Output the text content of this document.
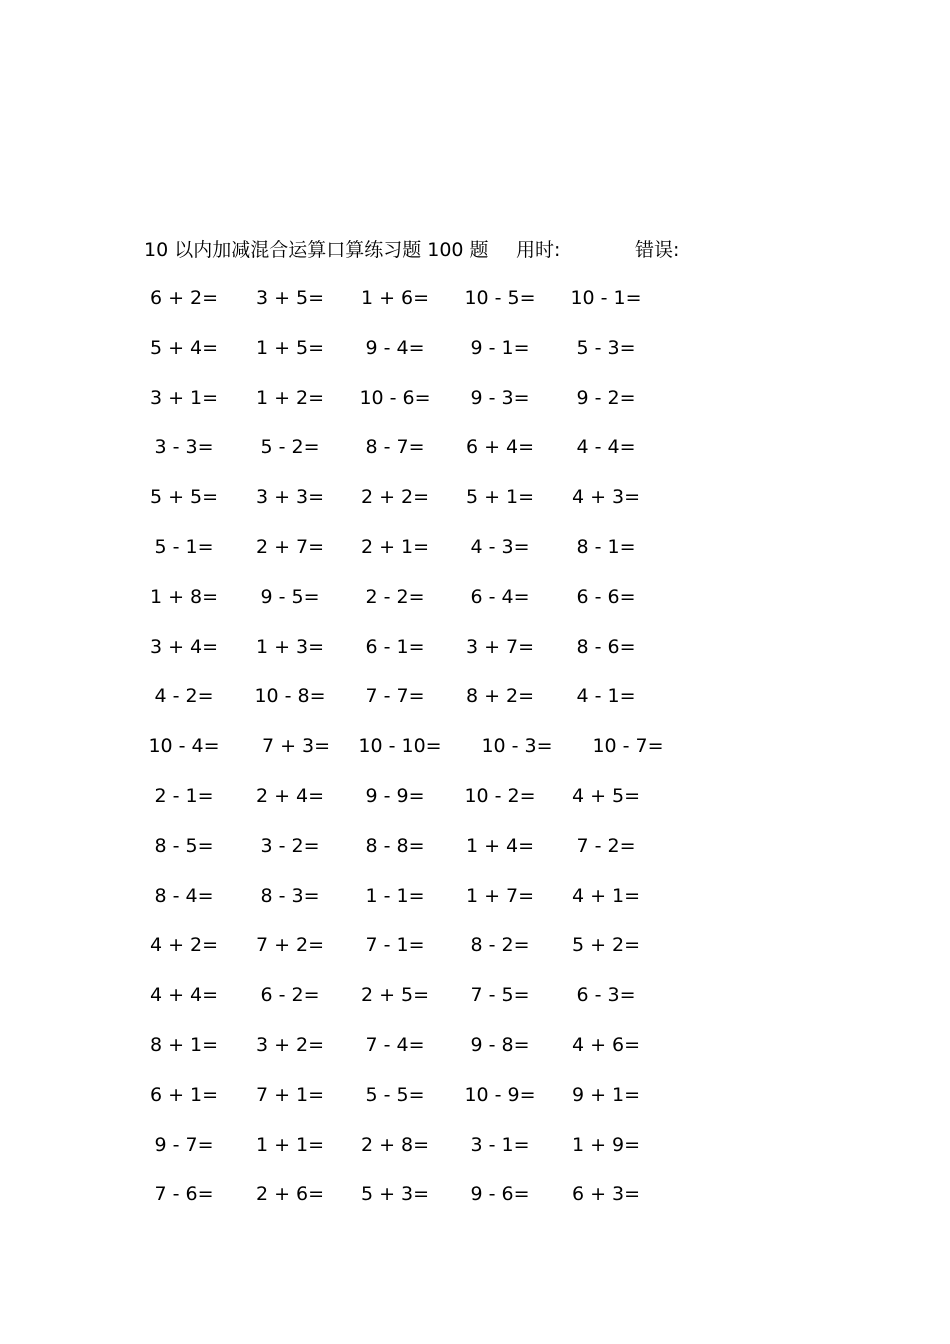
10 以内加减混合运算口算练习题 100 题 用时:	错误:
6 + 2=	3 + 5=	1 + 6=	10 - 5=	10 - 1=
5 + 4=	1 + 5=	9 - 4=	9 - 1=	5 - 3=
3 + 1=	1 + 2=	10 - 6=	9 - 3=	9 - 2=
3 - 3=	5 - 2=	8 - 7=	6 + 4=	4 - 4=
5 + 5=	3 + 3=	2 + 2=	5 + 1=	4 + 3=
5 - 1=	2 + 7=	2 + 1=	4 - 3=	8 - 1=
1 + 8=	9 - 5=	2 - 2=	6 - 4=	6 - 6=
3 + 4=	1 + 3=	6 - 1=	3 + 7=	8 - 6=
4 - 2=	10 - 8=	7 - 7=	8 + 2=	4 - 1=
10 - 4=	7 + 3=	10 - 10=	10 - 3=	10 - 7=
2 - 1=	2 + 4=	9 - 9=	10 - 2=	4 + 5=
8 - 5=	3 - 2=	8 - 8=	1 + 4=	7 - 2=
8 - 4=	8 - 3=	1 - 1=	1 + 7=	4 + 1=
4 + 2=	7 + 2=	7 - 1=	8 - 2=	5 + 2=
4 + 4=	6 - 2=	2 + 5=	7 - 5=	6 - 3=
8 + 1=	3 + 2=	7 - 4=	9 - 8=	4 + 6=
6 + 1=	7 + 1=	5 - 5=	10 - 9=	9 + 1=
9 - 7=	1 + 1=	2 + 8=	3 - 1=	1 + 9=
7 - 6=	2 + 6=	5 + 3=	9 - 6=	6 + 3=
